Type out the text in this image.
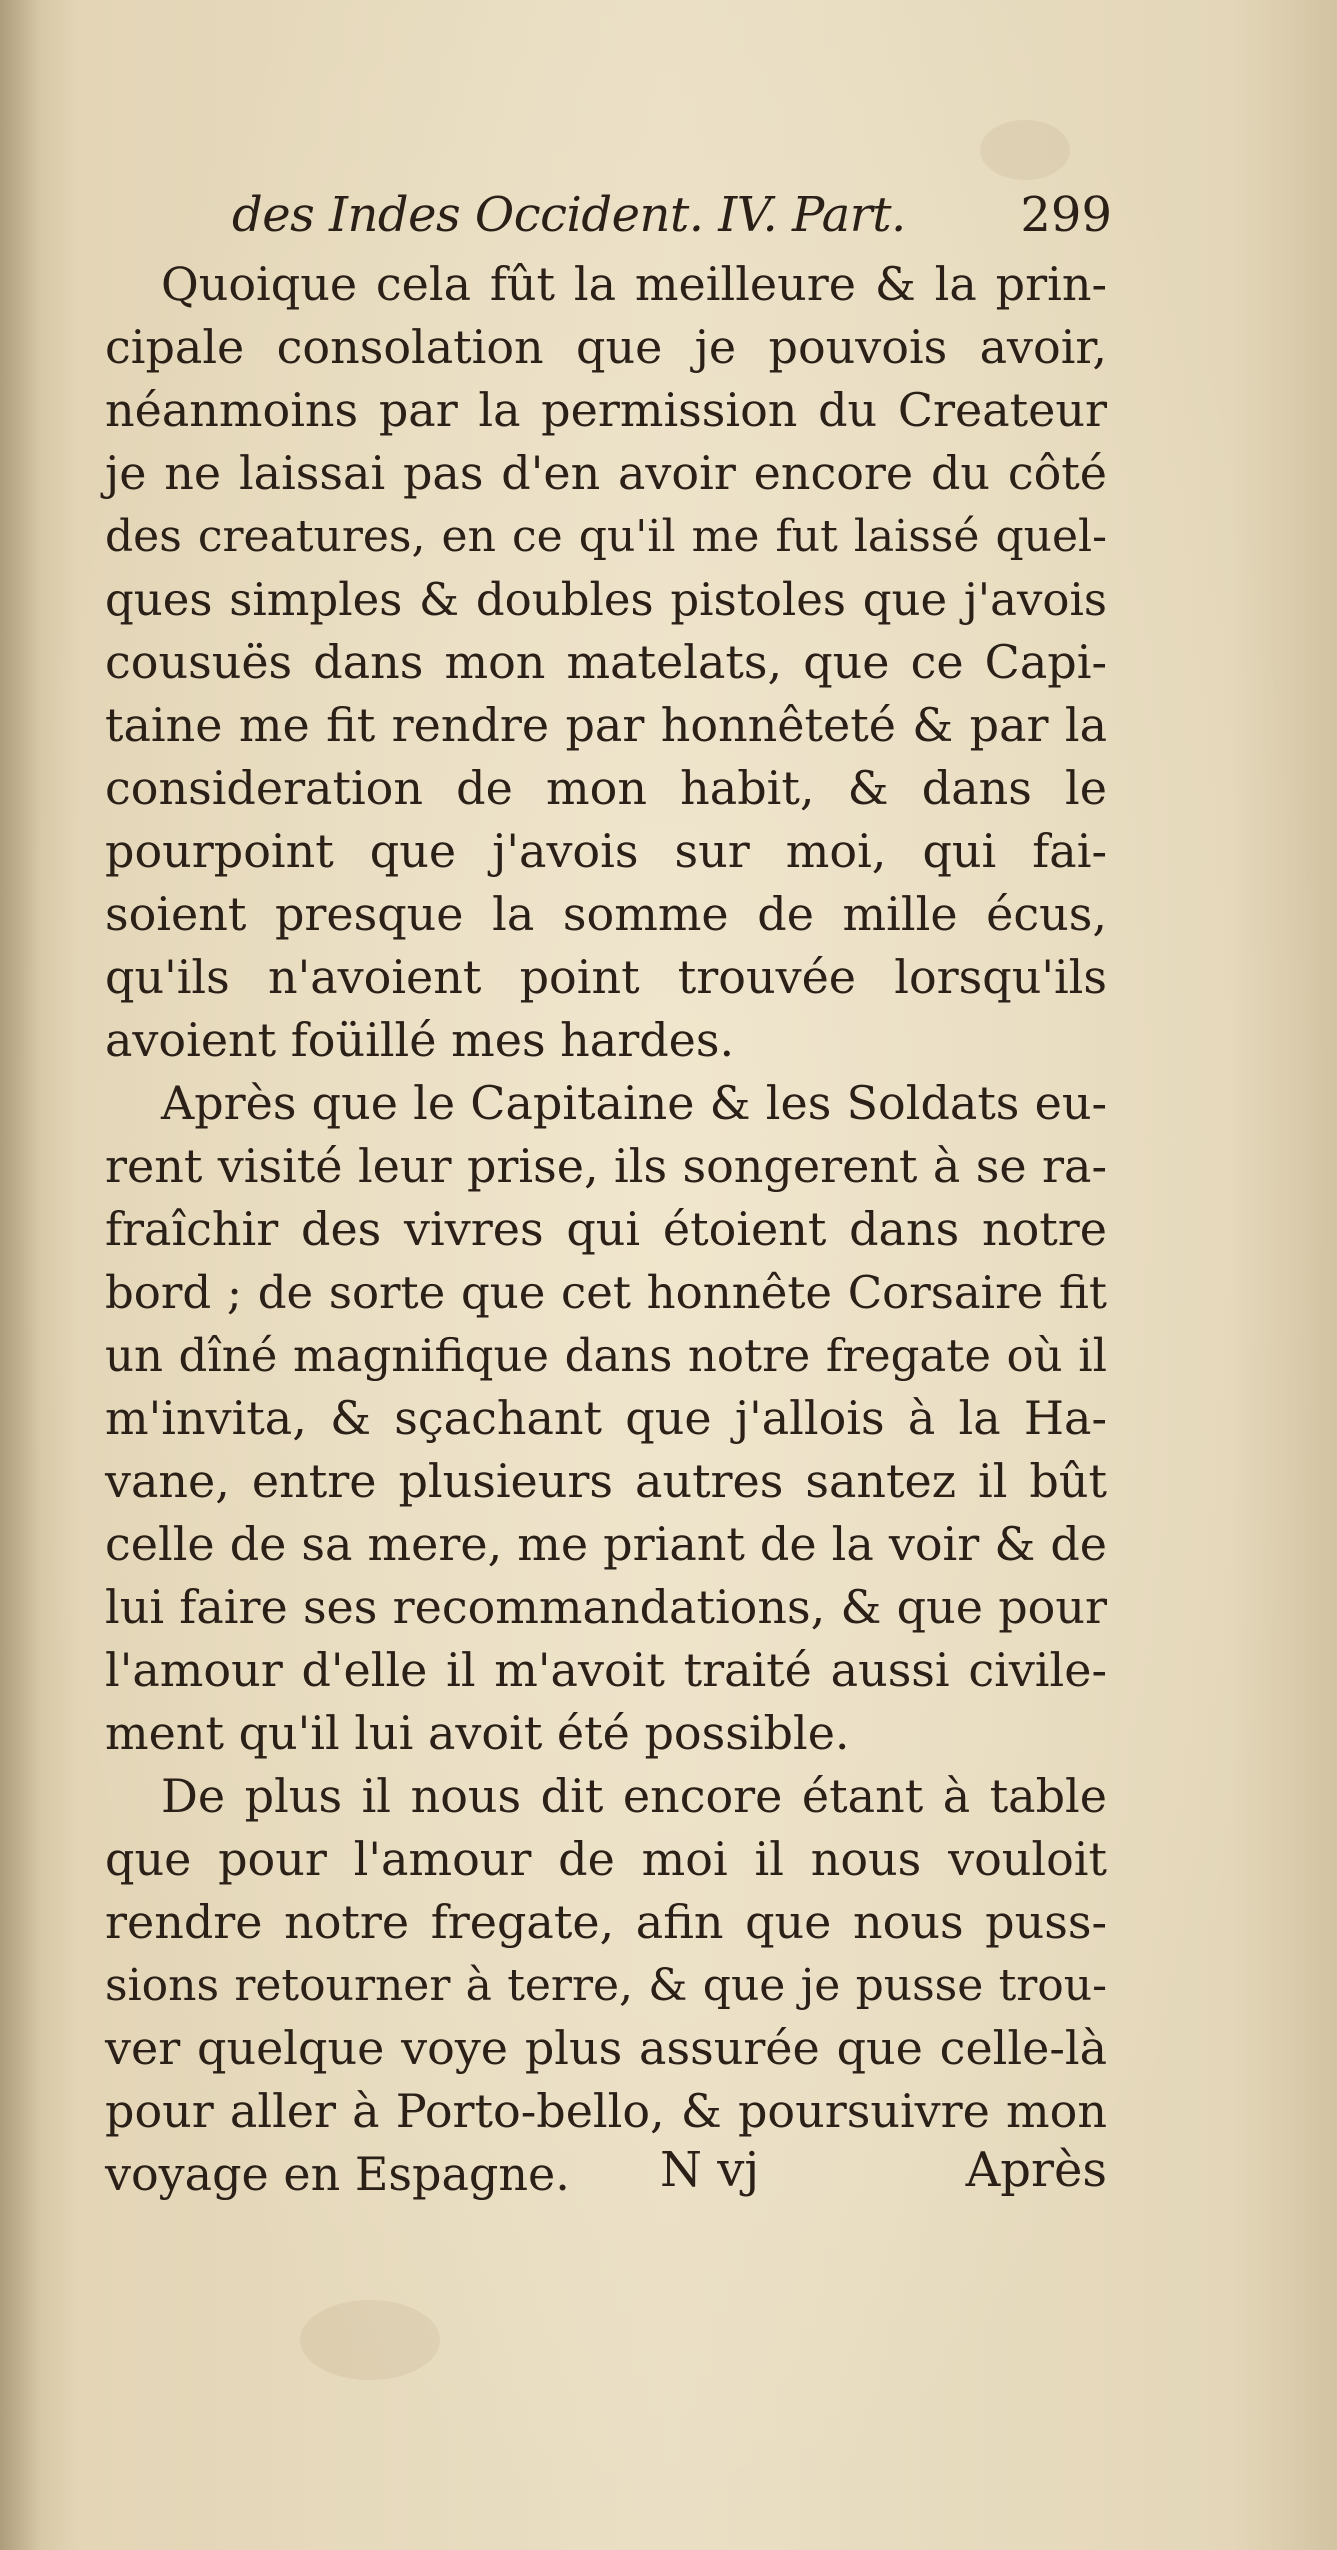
des Indes Occident. IV. Part. 299
Quoique cela fût la meilleure & la prin-
cipale consolation que je pouvois avoir,
néanmoins par la permission du Createur
je ne laissai pas d'en avoir encore du côté
des creatures, en ce qu'il me fut laissé quel-
ques simples & doubles pistoles que j'avois
cousuës dans mon matelats, que ce Capi-
taine me fit rendre par honnêteté & par la
consideration de mon habit, & dans le
pourpoint que j'avois sur moi, qui fai-
soient presque la somme de mille écus,
qu'ils n'avoient point trouvée lorsqu'ils
avoient foüillé mes hardes.
Après que le Capitaine & les Soldats eu-
rent visité leur prise, ils songerent à se ra-
fraîchir des vivres qui étoient dans notre
bord ; de sorte que cet honnête Corsaire fit
un dîné magnifique dans notre fregate où il
m'invita, & sçachant que j'allois à la Ha-
vane, entre plusieurs autres santez il bût
celle de sa mere, me priant de la voir & de
lui faire ses recommandations, & que pour
l'amour d'elle il m'avoit traité aussi civile-
ment qu'il lui avoit été possible.
De plus il nous dit encore étant à table
que pour l'amour de moi il nous vouloit
rendre notre fregate, afin que nous puss-
sions retourner à terre, & que je pusse trou-
ver quelque voye plus assurée que celle-là
pour aller à Porto-bello, & poursuivre mon
voyage en Espagne.	N vj	Après
